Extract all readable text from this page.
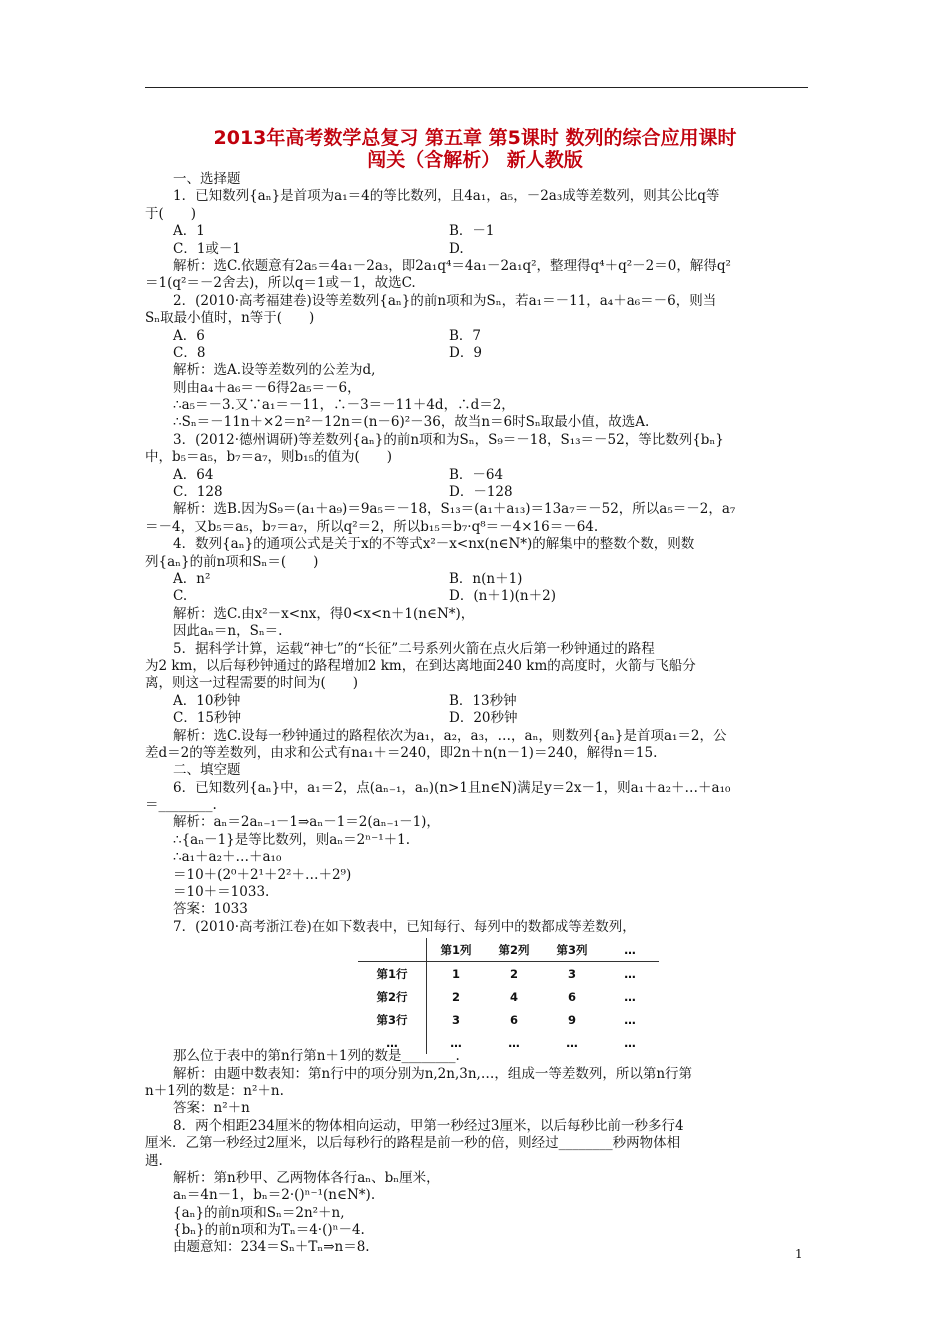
2013年高考数学总复习 第五章 第5课时 数列的综合应用课时
闯关（含解析） 新人教版
一、选择题
1．已知数列{aₙ}是首项为a₁＝4的等比数列，且4a₁，a₅，－2a₃成等差数列，则其公比q等
于(　　)
A．1	B．－1
C．1或－1	D.
解析：选C.依题意有2a₅＝4a₁－2a₃，即2a₁q⁴＝4a₁－2a₁q²，整理得q⁴＋q²－2＝0，解得q²
＝1(q²＝－2舍去)，所以q＝1或－1，故选C.
2．(2010·高考福建卷)设等差数列{aₙ}的前n项和为Sₙ，若a₁＝－11，a₄＋a₆＝－6，则当
Sₙ取最小值时，n等于(　　)
A．6	B．7
C．8	D．9
解析：选A.设等差数列的公差为d,
则由a₄＋a₆＝－6得2a₅＝－6，
∴a₅＝－3.又∵a₁＝－11，∴－3＝－11＋4d，∴d＝2，
∴Sₙ＝－11n＋×2＝n²－12n＝(n－6)²－36，故当n＝6时Sₙ取最小值，故选A.
3．(2012·德州调研)等差数列{aₙ}的前n项和为Sₙ，S₉＝－18，S₁₃＝－52，等比数列{bₙ}
中，b₅＝a₅，b₇＝a₇，则b₁₅的值为(　　)
A．64	B．－64
C．128	D．－128
解析：选B.因为S₉＝(a₁＋a₉)＝9a₅＝－18，S₁₃＝(a₁＋a₁₃)＝13a₇＝－52，所以a₅＝－2，a₇
＝－4，又b₅＝a₅，b₇＝a₇，所以q²＝2，所以b₁₅＝b₇·q⁸＝－4×16＝－64.
4．数列{aₙ}的通项公式是关于x的不等式x²－x<nx(n∈N*)的解集中的整数个数，则数
列{aₙ}的前n项和Sₙ＝(　　)
A．n²	B．n(n＋1)
C.	D．(n＋1)(n＋2)
解析：选C.由x²－x<nx，得0<x<n＋1(n∈N*)，
因此aₙ＝n，Sₙ＝.
5．据科学计算，运载“神七”的“长征”二号系列火箭在点火后第一秒钟通过的路程
为2 km，以后每秒钟通过的路程增加2 km，在到达离地面240 km的高度时，火箭与飞船分
离，则这一过程需要的时间为(　　)
A．10秒钟	B．13秒钟
C．15秒钟	D．20秒钟
解析：选C.设每一秒钟通过的路程依次为a₁，a₂，a₃，…，aₙ，则数列{aₙ}是首项a₁＝2，公
差d＝2的等差数列，由求和公式有na₁＋＝240，即2n＋n(n－1)＝240，解得n＝15.
二、填空题
6．已知数列{aₙ}中，a₁＝2，点(aₙ₋₁，aₙ)(n>1且n∈N)满足y＝2x－1，则a₁＋a₂＋…＋a₁₀
＝________.
解析：aₙ＝2aₙ₋₁－1⇒aₙ－1＝2(aₙ₋₁－1)，
∴{aₙ－1}是等比数列，则aₙ＝2ⁿ⁻¹＋1.
∴a₁＋a₂＋…＋a₁₀
＝10＋(2⁰＋2¹＋2²＋…＋2⁹)
＝10＋＝1033.
答案：1033
7．(2010·高考浙江卷)在如下数表中，已知每行、每列中的数都成等差数列，
	第1列	第2列	第3列	…
第1行	1	2	3	…
第2行	2	4	6	…
第3行	3	6	9	…
…	…	…	…	…
那么位于表中的第n行第n＋1列的数是________.
解析：由题中数表知：第n行中的项分别为n,2n,3n,…，组成一等差数列，所以第n行第
n＋1列的数是：n²＋n.
答案：n²＋n
8．两个相距234厘米的物体相向运动，甲第一秒经过3厘米，以后每秒比前一秒多行4
厘米．乙第一秒经过2厘米，以后每秒行的路程是前一秒的倍，则经过________秒两物体相
遇.
解析：第n秒甲、乙两物体各行aₙ、bₙ厘米，
aₙ＝4n－1，bₙ＝2·()ⁿ⁻¹(n∈N*).
{aₙ}的前n项和Sₙ＝2n²＋n,
{bₙ}的前n项和为Tₙ＝4·()ⁿ－4.
由题意知：234＝Sₙ＋Tₙ⇒n＝8.	1
